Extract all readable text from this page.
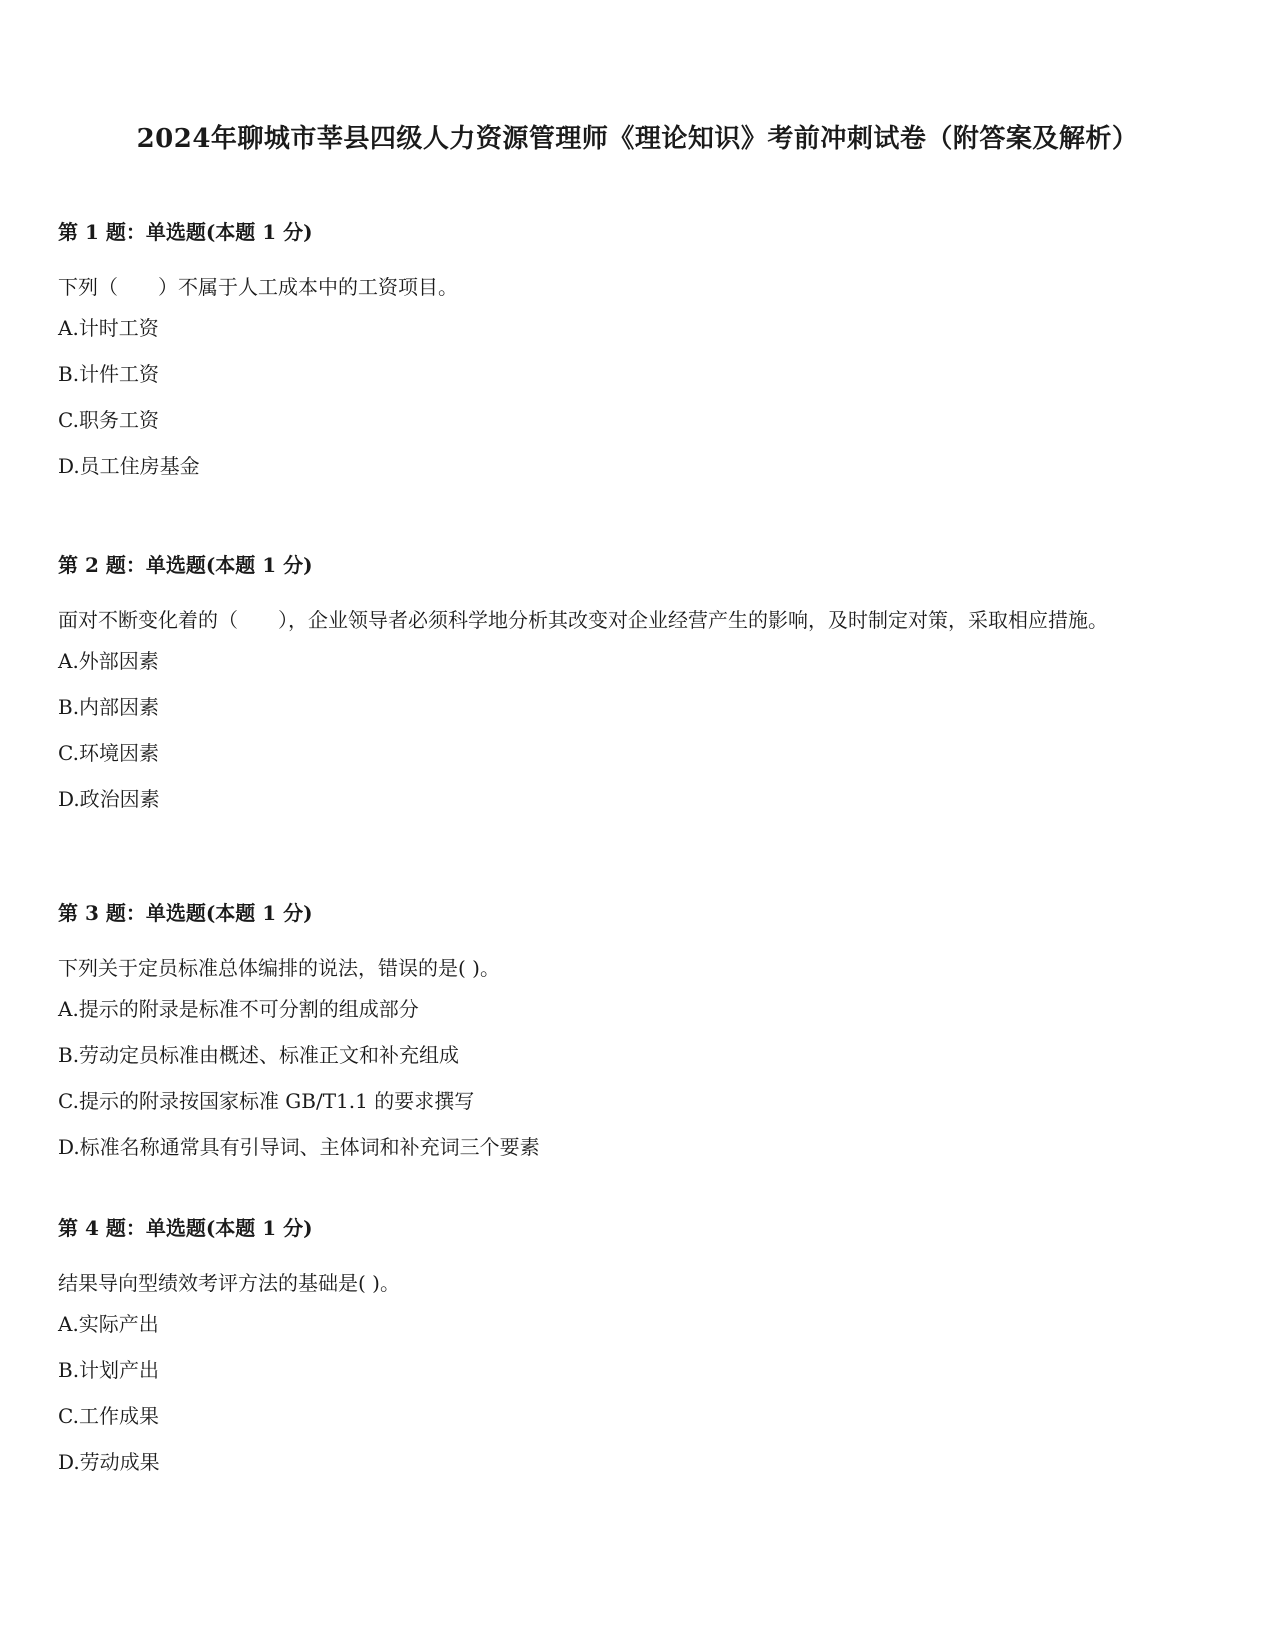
2024年聊城市莘县四级人力资源管理师《理论知识》考前冲刺试卷（附答案及解析）
第 1 题：单选题(本题 1 分)
下列（　　）不属于人工成本中的工资项目。
A.计时工资
B.计件工资
C.职务工资
D.员工住房基金
第 2 题：单选题(本题 1 分)
面对不断变化着的（　　），企业领导者必须科学地分析其改变对企业经营产生的影响，及时制定对策，采取相应措施。
A.外部因素
B.内部因素
C.环境因素
D.政治因素
第 3 题：单选题(本题 1 分)
下列关于定员标准总体编排的说法，错误的是( )。
A.提示的附录是标准不可分割的组成部分
B.劳动定员标准由概述、标准正文和补充组成
C.提示的附录按国家标准 GB/T1.1 的要求撰写
D.标准名称通常具有引导词、主体词和补充词三个要素
第 4 题：单选题(本题 1 分)
结果导向型绩效考评方法的基础是( )。
A.实际产出
B.计划产出
C.工作成果
D.劳动成果
